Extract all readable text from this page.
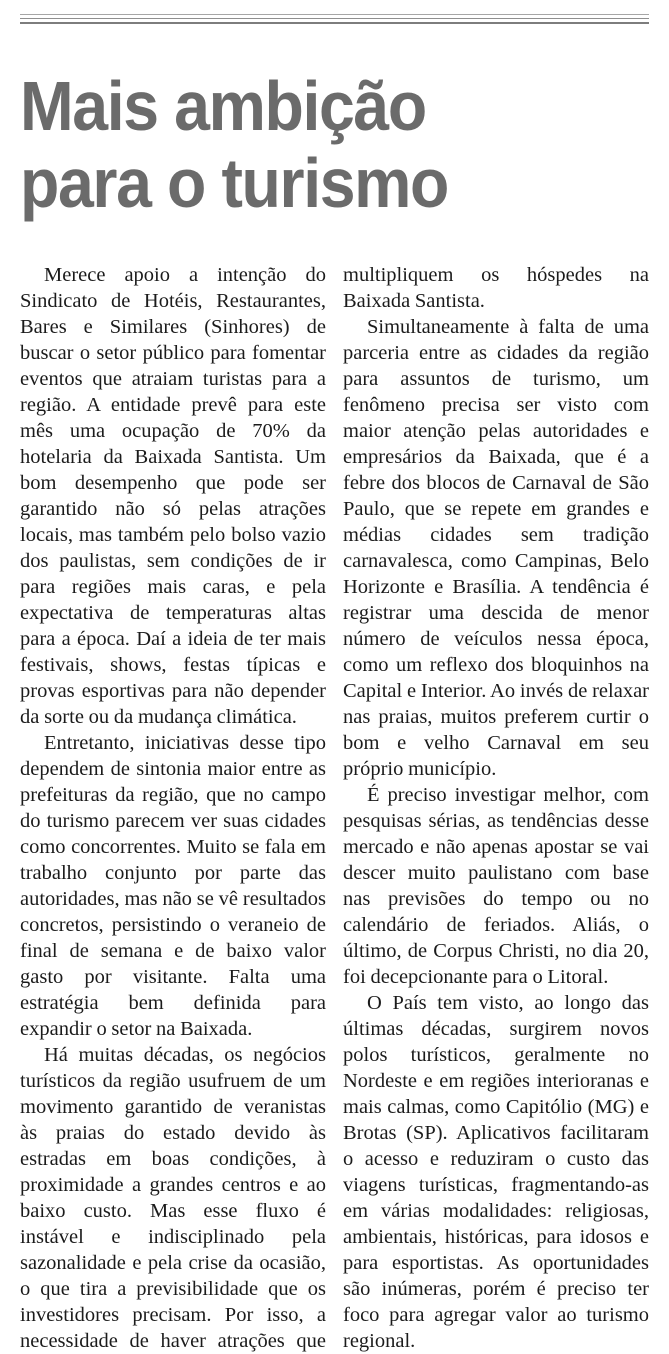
Mais ambição
para o turismo

Merece apoio a intenção do Sindicato de Hotéis, Restaurantes, Bares e Similares (Sinhores) de buscar o setor público para fomentar eventos que atraiam turistas para a região. A entidade prevê para este mês uma ocupação de 70% da hotelaria da Baixada Santista. Um bom desempenho que pode ser garantido não só pelas atrações locais, mas também pelo bolso vazio dos paulistas, sem condições de ir para regiões mais caras, e pela expectativa de temperaturas altas para a época. Daí a ideia de ter mais festivais, shows, festas típicas e provas esportivas para não depender da sorte ou da mudança climática.

Entretanto, iniciativas desse tipo dependem de sintonia maior entre as prefeituras da região, que no campo do turismo parecem ver suas cidades como concorrentes. Muito se fala em trabalho conjunto por parte das autoridades, mas não se vê resultados concretos, persistindo o veraneio de final de semana e de baixo valor gasto por visitante. Falta uma estratégia bem definida para expandir o setor na Baixada.

Há muitas décadas, os negócios turísticos da região usufruem de um movimento garantido de veranistas às praias do estado devido às estradas em boas condições, à proximidade a grandes centros e ao baixo custo. Mas esse fluxo é instável e indisciplinado pela sazonalidade e pela crise da ocasião, o que tira a previsibilidade que os investidores precisam. Por isso, a necessidade de haver atrações que

multipliquem os hóspedes na Baixada Santista.

Simultaneamente à falta de uma parceria entre as cidades da região para assuntos de turismo, um fenômeno precisa ser visto com maior atenção pelas autoridades e empresários da Baixada, que é a febre dos blocos de Carnaval de São Paulo, que se repete em grandes e médias cidades sem tradição carnavalesca, como Campinas, Belo Horizonte e Brasília. A tendência é registrar uma descida de menor número de veículos nessa época, como um reflexo dos bloquinhos na Capital e Interior. Ao invés de relaxar nas praias, muitos preferem curtir o bom e velho Carnaval em seu próprio município.

É preciso investigar melhor, com pesquisas sérias, as tendências desse mercado e não apenas apostar se vai descer muito paulistano com base nas previsões do tempo ou no calendário de feriados. Aliás, o último, de Corpus Christi, no dia 20, foi decepcionante para o Litoral.

O País tem visto, ao longo das últimas décadas, surgirem novos polos turísticos, geralmente no Nordeste e em regiões interioranas e mais calmas, como Capitólio (MG) e Brotas (SP). Aplicativos facilitaram o acesso e reduziram o custo das viagens turísticas, fragmentando-as em várias modalidades: religiosas, ambientais, históricas, para idosos e para esportistas. As oportunidades são inúmeras, porém é preciso ter foco para agregar valor ao turismo regional.
